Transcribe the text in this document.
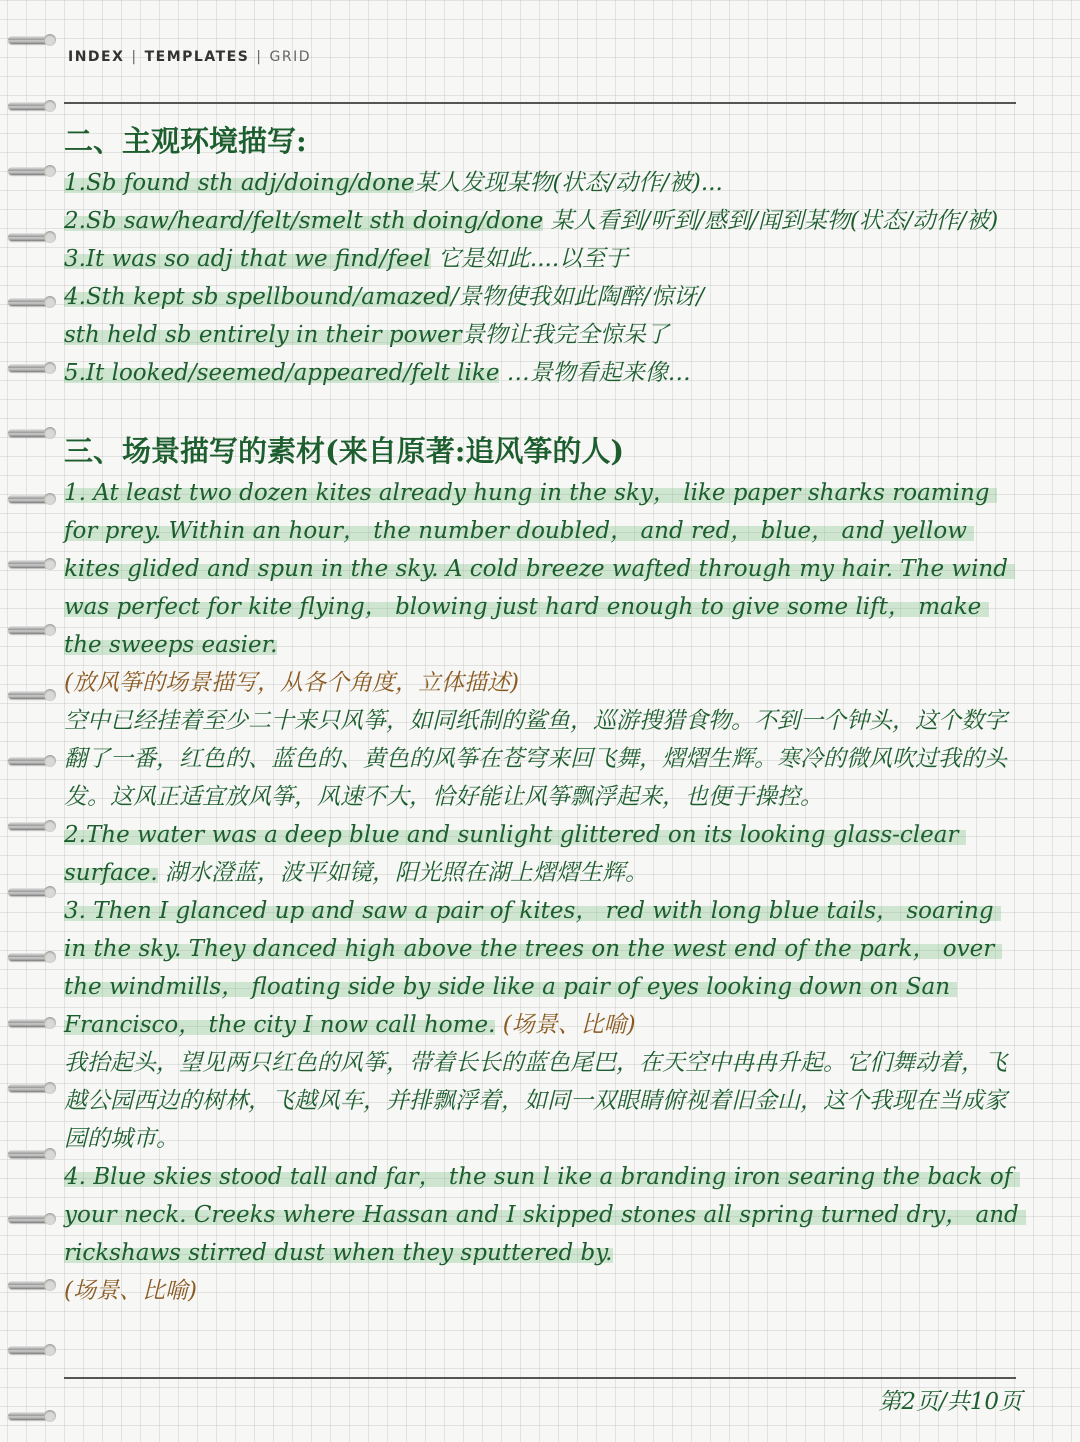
INDEX | TEMPLATES | GRID

二、主观环境描写:

1.Sb found sth adj/doing/done某人发现某物(状态/动作/被)...

2.Sb saw/heard/felt/smelt sth doing/done 某人看到/听到/感到/闻到某物(状态/动作/被)

3.It was so adj that we find/feel 它是如此....以至于

4.Sth kept sb spellbound/amazed/景物使我如此陶醉/惊讶/

sth held sb entirely in their power景物让我完全惊呆了

5.It looked/seemed/appeared/felt like …景物看起来像…

三、场景描写的素材(来自原著:追风筝的人)

1. At least two dozen kites already hung in the sky， like paper sharks roaming for prey. Within an hour， the number doubled， and red， blue， and yellow kites glided and spun in the sky. A cold breeze wafted through my hair. The wind was perfect for kite flying， blowing just hard enough to give some lift， make the sweeps easier.

(放风筝的场景描写，从各个角度，立体描述)

空中已经挂着至少二十来只风筝，如同纸制的鲨鱼，巡游搜猎食物。不到一个钟头，这个数字翻了一番，红色的、蓝色的、黄色的风筝在苍穹来回飞舞，熠熠生辉。寒冷的微风吹过我的头发。这风正适宜放风筝，风速不大，恰好能让风筝飘浮起来，也便于操控。

2.The water was a deep blue and sunlight glittered on its looking glass-clear surface. 湖水澄蓝，波平如镜，阳光照在湖上熠熠生辉。

3. Then I glanced up and saw a pair of kites， red with long blue tails， soaring in the sky. They danced high above the trees on the west end of the park， over the windmills， floating side by side like a pair of eyes looking down on San Francisco， the city I now call home. (场景、比喻)

我抬起头，望见两只红色的风筝，带着长长的蓝色尾巴，在天空中冉冉升起。它们舞动着，飞越公园西边的树林，飞越风车，并排飘浮着，如同一双眼睛俯视着旧金山，这个我现在当成家园的城市。

4. Blue skies stood tall and far， the sun l ike a branding iron searing the back of your neck. Creeks where Hassan and I skipped stones all spring turned dry， and rickshaws stirred dust when they sputtered by.

(场景、比喻)

第2页/共10页
